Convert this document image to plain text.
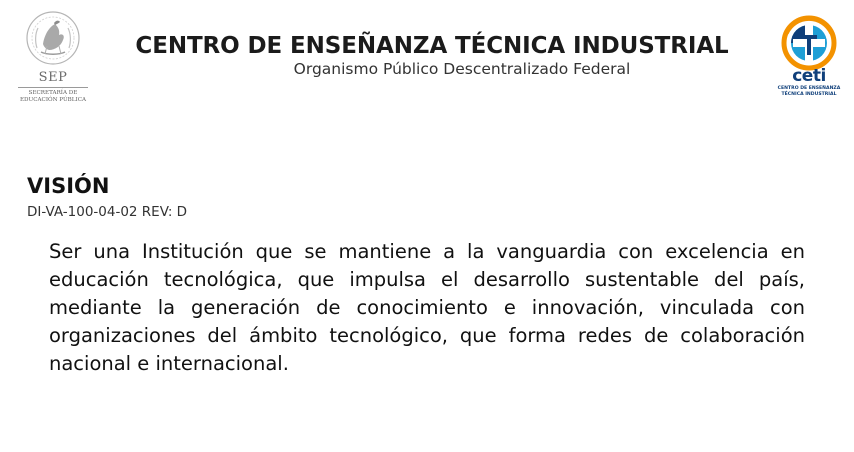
SEP
SECRETARÍA DE
EDUCACIÓN PÚBLICA
CENTRO DE ENSEÑANZA TÉCNICA INDUSTRIAL
Organismo Público Descentralizado Federal	ceti
CENTRO DE ENSEÑANZA
TÉCNICA INDUSTRIAL
VISIÓN
DI-VA-100-04-02 REV: D

Ser una Institución que se mantiene a la vanguardia con excelencia en educación tecnológica, que impulsa el desarrollo sustentable del país, mediante la generación de conocimiento e innovación, vinculada con organizaciones del ámbito tecnológico, que forma redes de colaboración nacional e internacional.
